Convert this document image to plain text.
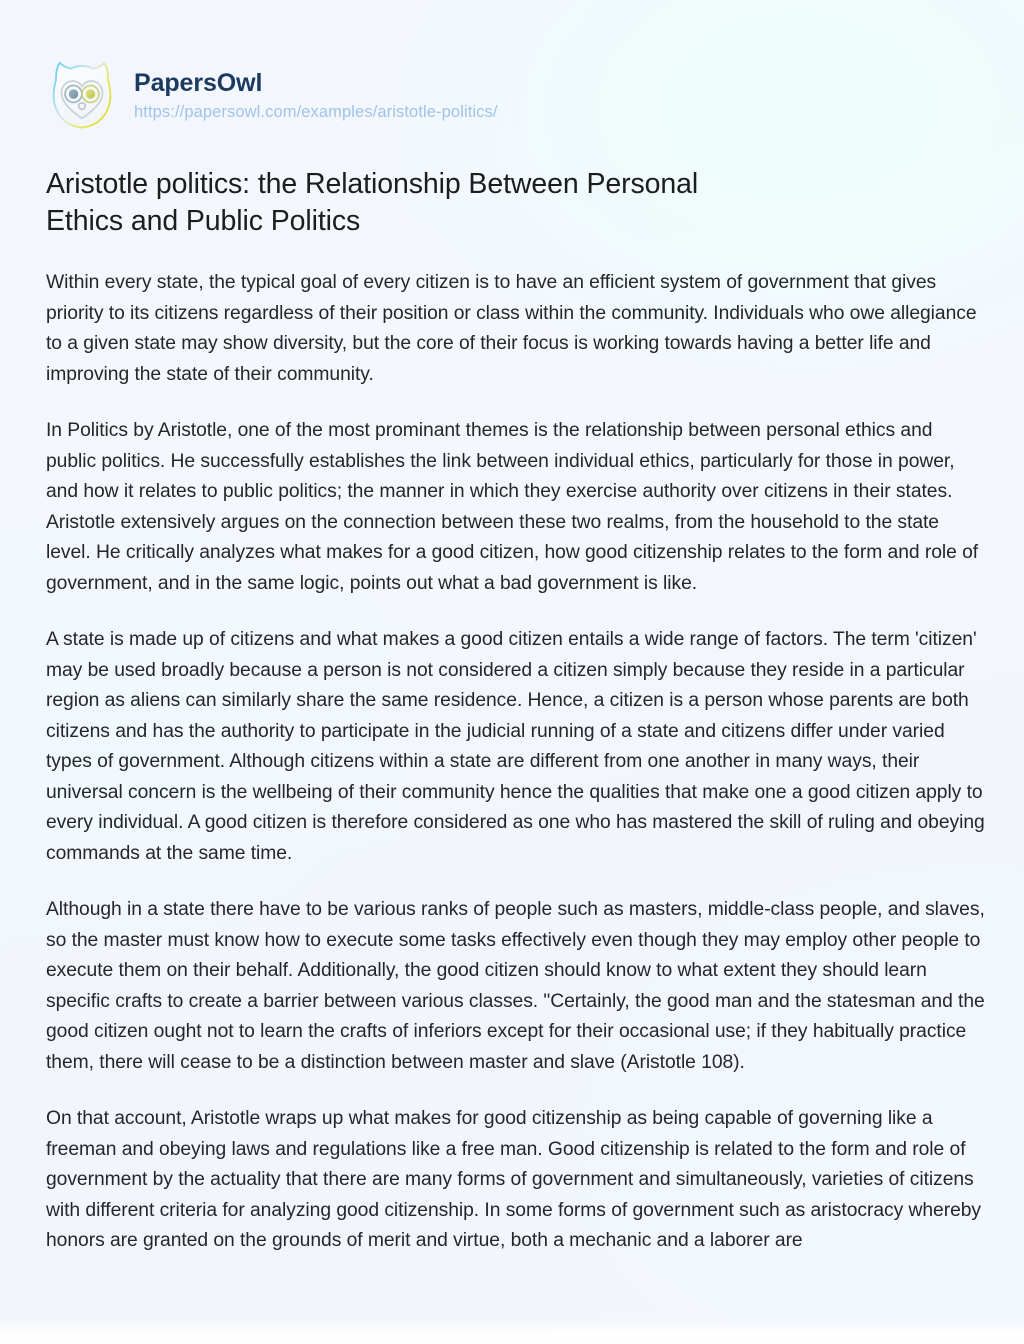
PapersOwl
https://papersowl.com/examples/aristotle-politics/
Aristotle politics: the Relationship Between Personal Ethics and Public Politics

Within every state, the typical goal of every citizen is to have an efficient system of government that gives priority to its citizens regardless of their position or class within the community. Individuals who owe allegiance to a given state may show diversity, but the core of their focus is working towards having a better life and improving the state of their community.

In Politics by Aristotle, one of the most prominant themes is the relationship between personal ethics and public politics. He successfully establishes the link between individual ethics, particularly for those in power, and how it relates to public politics; the manner in which they exercise authority over citizens in their states. Aristotle extensively argues on the connection between these two realms, from the household to the state level. He critically analyzes what makes for a good citizen, how good citizenship relates to the form and role of government, and in the same logic, points out what a bad government is like.

A state is made up of citizens and what makes a good citizen entails a wide range of factors. The term 'citizen' may be used broadly because a person is not considered a citizen simply because they reside in a particular region as aliens can similarly share the same residence. Hence, a citizen is a person whose parents are both citizens and has the authority to participate in the judicial running of a state and citizens differ under varied types of government. Although citizens within a state are different from one another in many ways, their universal concern is the wellbeing of their community hence the qualities that make one a good citizen apply to every individual. A good citizen is therefore considered as one who has mastered the skill of ruling and obeying commands at the same time.

Although in a state there have to be various ranks of people such as masters, middle-class people, and slaves, so the master must know how to execute some tasks effectively even though they may employ other people to execute them on their behalf. Additionally, the good citizen should know to what extent they should learn specific crafts to create a barrier between various classes. "Certainly, the good man and the statesman and the good citizen ought not to learn the crafts of inferiors except for their occasional use; if they habitually practice them, there will cease to be a distinction between master and slave (Aristotle 108).

On that account, Aristotle wraps up what makes for good citizenship as being capable of governing like a freeman and obeying laws and regulations like a free man. Good citizenship is related to the form and role of government by the actuality that there are many forms of government and simultaneously, varieties of citizens with different criteria for analyzing good citizenship. In some forms of government such as aristocracy whereby honors are granted on the grounds of merit and virtue, both a mechanic and a laborer are
